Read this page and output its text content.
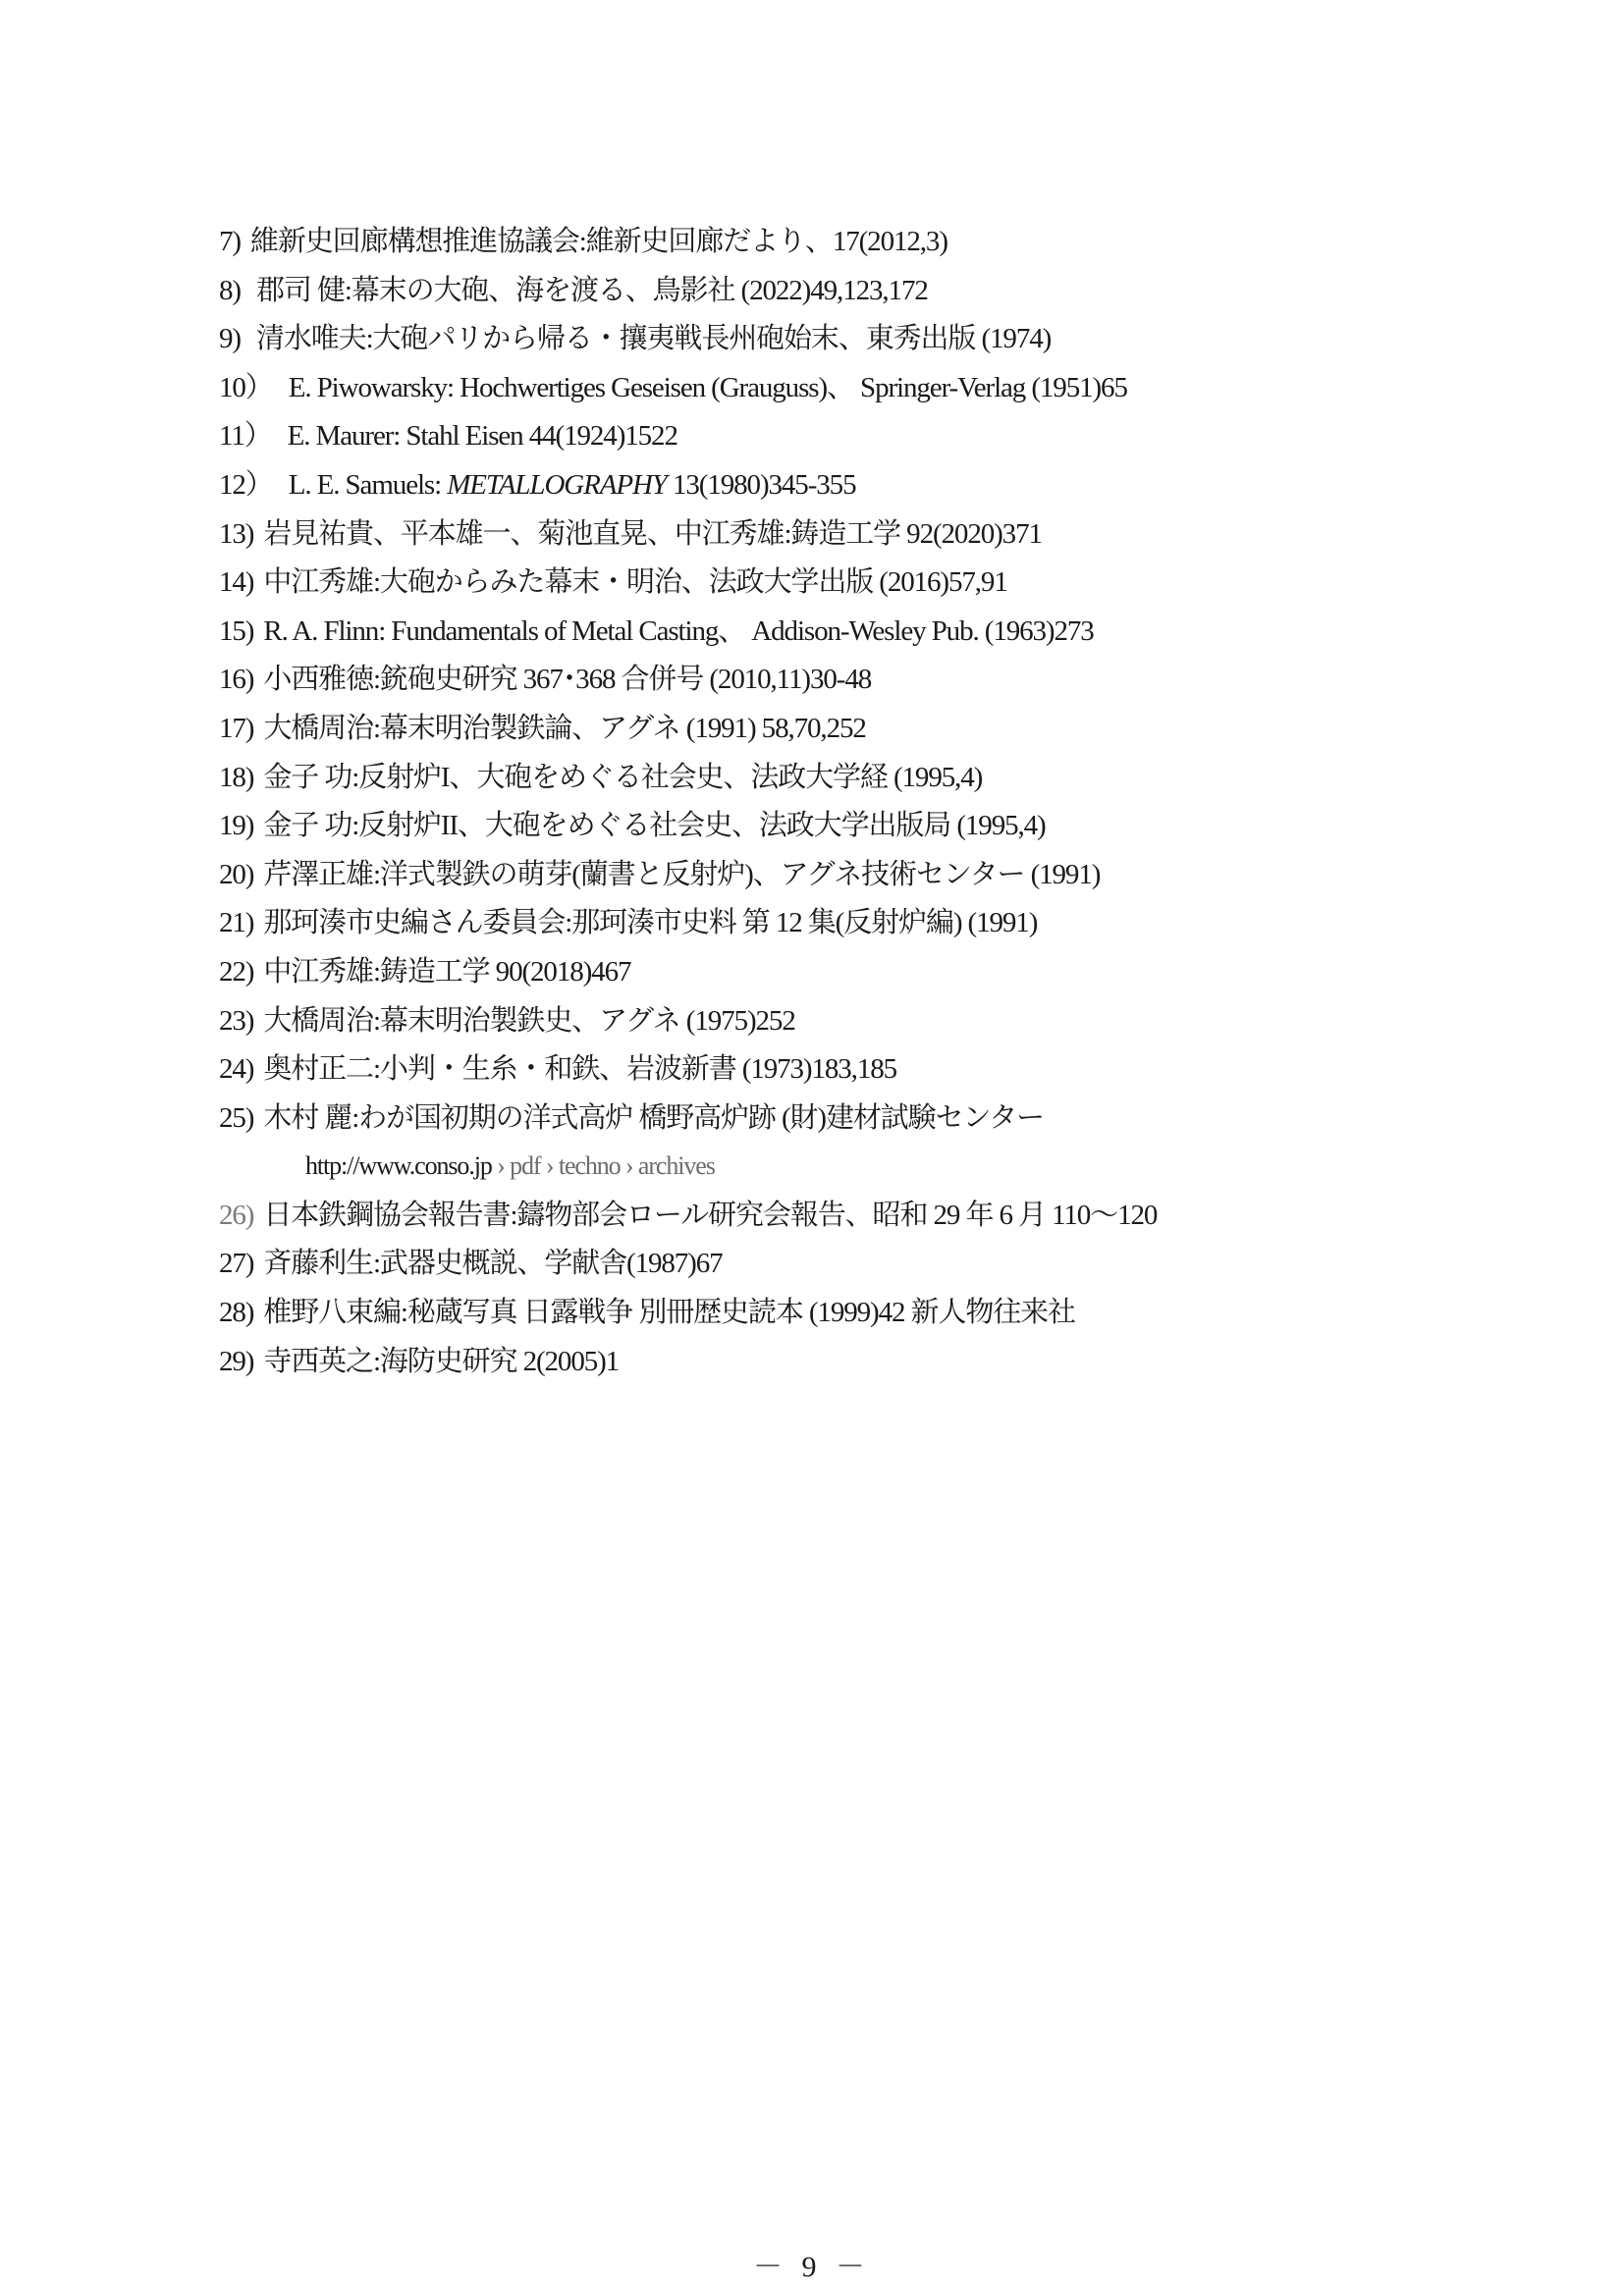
7) 維新史回廊構想推進協議会:維新史回廊だより、17(2012,3)
8) 郡司 健:幕末の大砲、海を渡る、鳥影社 (2022)49,123,172
9) 清水唯夫:大砲パリから帰る・攘夷戦長州砲始末、東秀出版 (1974)
10） E. Piwowarsky: Hochwertiges Geseisen (Grauguss)、 Springer-Verlag (1951)65
11） E. Maurer: Stahl Eisen 44(1924)1522
12） L. E. Samuels: METALLOGRAPHY 13(1980)345-355
13) 岩見祐貴、平本雄一、菊池直晃、中江秀雄:鋳造工学 92(2020)371
14) 中江秀雄:大砲からみた幕末・明治、法政大学出版 (2016)57,91
15) R. A. Flinn: Fundamentals of Metal Casting、 Addison-Wesley Pub. (1963)273
16) 小西雅徳:銃砲史研究 367･368 合併号 (2010,11)30-48
17) 大橋周治:幕末明治製鉄論、アグネ (1991) 58,70,252
18) 金子 功:反射炉I、大砲をめぐる社会史、法政大学経 (1995,4)
19) 金子 功:反射炉II、大砲をめぐる社会史、法政大学出版局 (1995,4)
20) 芹澤正雄:洋式製鉄の萌芽(蘭書と反射炉)、アグネ技術センター (1991)
21) 那珂湊市史編さん委員会:那珂湊市史料 第 12 集(反射炉編) (1991)
22) 中江秀雄:鋳造工学 90(2018)467
23) 大橋周治:幕末明治製鉄史、アグネ (1975)252
24) 奥村正二:小判・生糸・和鉄、岩波新書 (1973)183,185
25) 木村 麗:わが国初期の洋式高炉 橋野高炉跡 (財)建材試験センター
http://www.conso.jp › pdf › techno › archives
26) 日本鉄鋼協会報告書:鑄物部会ロール研究会報告、昭和 29 年 6 月 110～120
27) 斉藤利生:武器史概説、学献舎(1987)67
28) 椎野八束編:秘蔵写真 日露戦争 別冊歴史読本 (1999)42 新人物往来社
29) 寺西英之:海防史研究 2(2005)1
－ 9 －
